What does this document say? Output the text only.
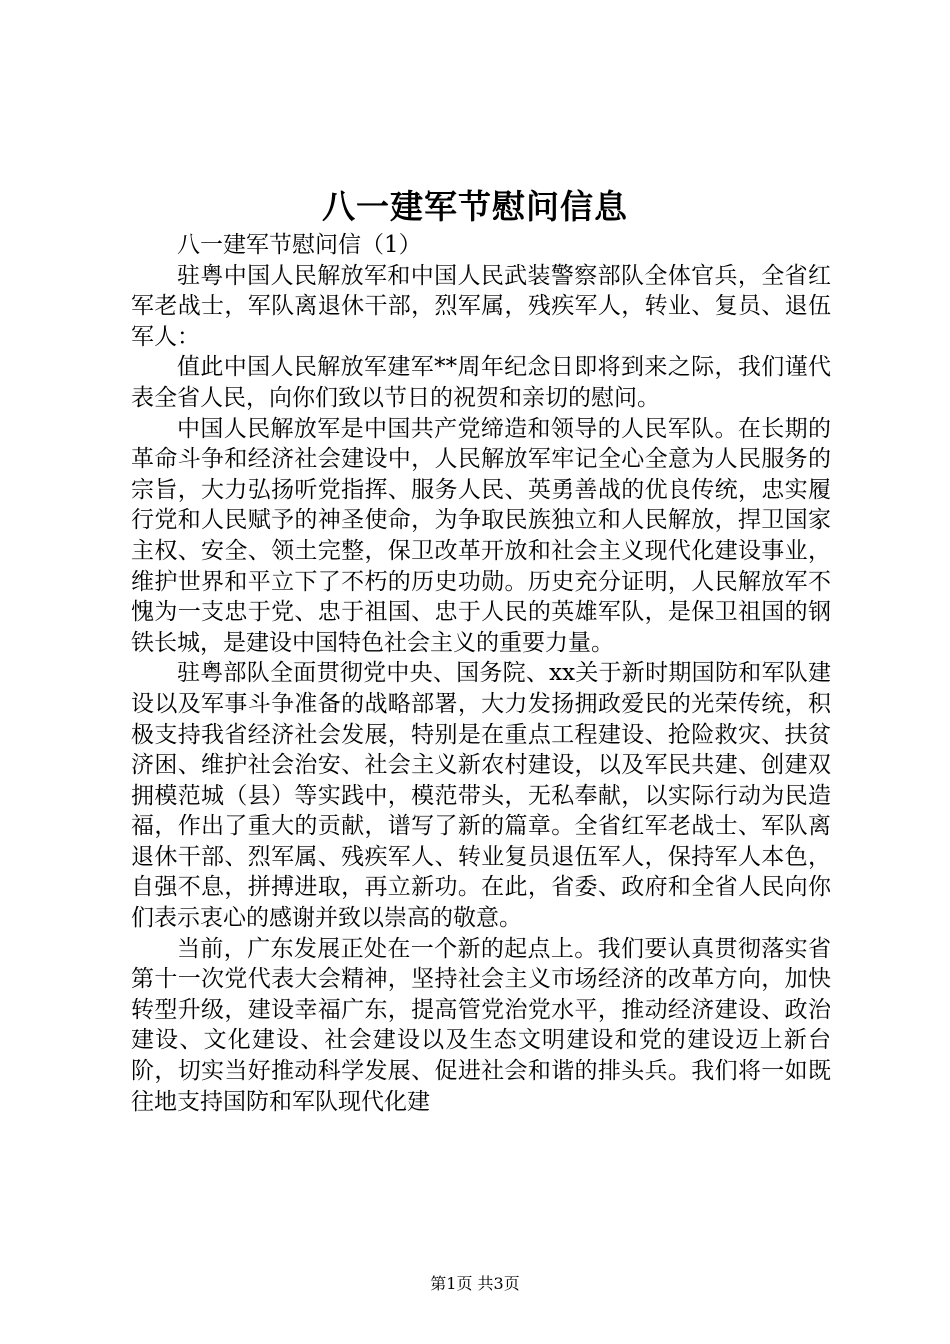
八一建军节慰问信息

八一建军节慰问信（1）

驻粤中国人民解放军和中国人民武装警察部队全体官兵，全省红军老战士，军队离退休干部，烈军属，残疾军人，转业、复员、退伍军人：

值此中国人民解放军建军**周年纪念日即将到来之际，我们谨代表全省人民，向你们致以节日的祝贺和亲切的慰问。

中国人民解放军是中国共产党缔造和领导的人民军队。在长期的革命斗争和经济社会建设中，人民解放军牢记全心全意为人民服务的宗旨，大力弘扬听党指挥、服务人民、英勇善战的优良传统，忠实履行党和人民赋予的神圣使命，为争取民族独立和人民解放，捍卫国家主权、安全、领土完整，保卫改革开放和社会主义现代化建设事业，维护世界和平立下了不朽的历史功勋。历史充分证明，人民解放军不愧为一支忠于党、忠于祖国、忠于人民的英雄军队，是保卫祖国的钢铁长城，是建设中国特色社会主义的重要力量。

驻粤部队全面贯彻党中央、国务院、xx关于新时期国防和军队建设以及军事斗争准备的战略部署，大力发扬拥政爱民的光荣传统，积极支持我省经济社会发展，特别是在重点工程建设、抢险救灾、扶贫济困、维护社会治安、社会主义新农村建设，以及军民共建、创建双拥模范城（县）等实践中，模范带头，无私奉献，以实际行动为民造福，作出了重大的贡献，谱写了新的篇章。全省红军老战士、军队离退休干部、烈军属、残疾军人、转业复员退伍军人，保持军人本色，自强不息，拼搏进取，再立新功。在此，省委、政府和全省人民向你们表示衷心的感谢并致以崇高的敬意。

当前，广东发展正处在一个新的起点上。我们要认真贯彻落实省第十一次党代表大会精神，坚持社会主义市场经济的改革方向，加快转型升级，建设幸福广东，提高管党治党水平，推动经济建设、政治建设、文化建设、社会建设以及生态文明建设和党的建设迈上新台阶，切实当好推动科学发展、促进社会和谐的排头兵。我们将一如既往地支持国防和军队现代化建

第1页 共3页
